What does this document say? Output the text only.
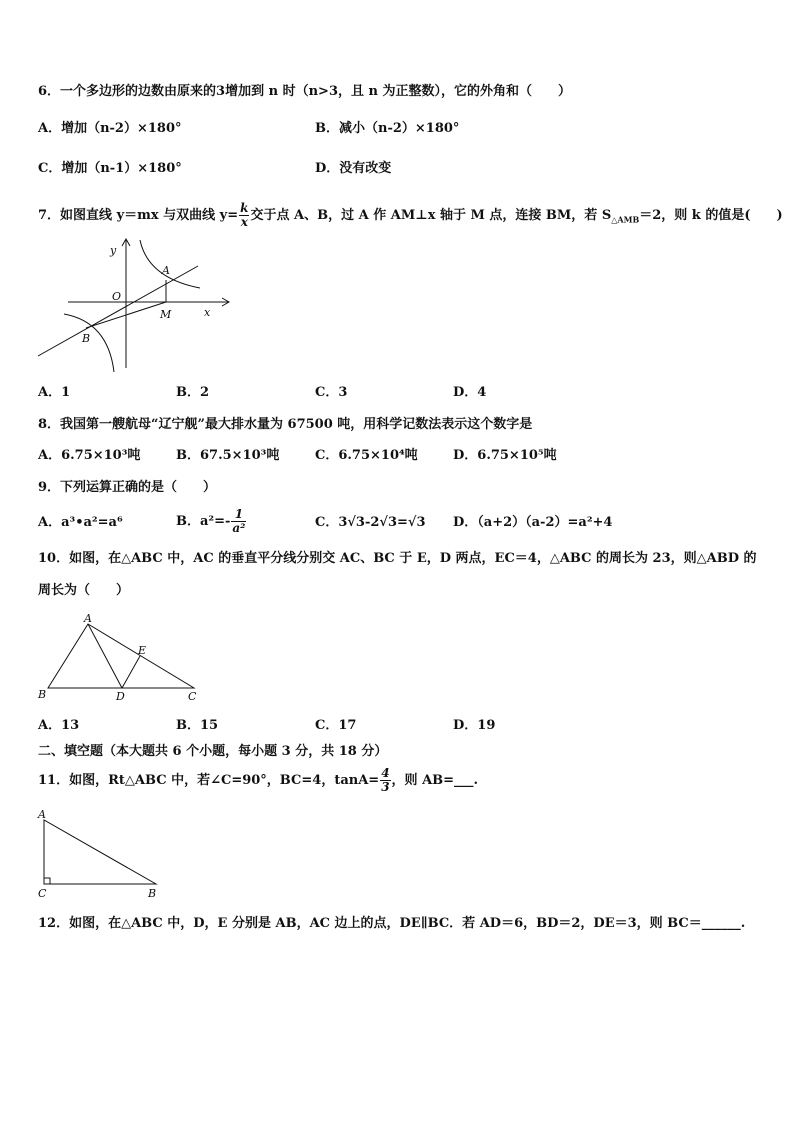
6．一个多边形的边数由原来的3增加到 n 时（n>3，且 n 为正整数），它的外角和（　　）
A．增加（n-2）×180°	B．减小（n-2）×180°
C．增加（n-1）×180°	D．没有改变
7．如图直线 y＝mx 与双曲线 $y= \frac{k}{x}$ 交于点 A、B，过 A 作 AM⊥x 轴于 M 点，连接 BM，若 $S_{\triangle AMB}=2$，则 k 的值是(　　)
y
x
O
A
B
M
A．1	B．2	C．3	D．4
8．我国第一艘航母“辽宁舰”最大排水量为 67500 吨，用科学记数法表示这个数字是
A．6.75×10³吨	B．67.5×10³吨	C．6.75×10⁴吨	D．6.75×10⁵吨
9．下列运算正确的是（　　）
A．a³•a²=a⁶	B．$a^2=- \frac{1}{\text{a²}}$	C．3√3-2√3=√3 D．（a+2）（a-2）=a²+4
10．如图，在△ABC 中，AC 的垂直平分线分别交 AC、BC 于 E，D 两点，EC＝4，△ABC 的周长为 23，则△ABD 的
周长为（　　）
A
B	C
D
E
A．13	B．15	C．17	D．19
二、填空题（本大题共 6 个小题，每小题 3 分，共 18 分）
11．如图，Rt△ABC 中，若∠C=90°，BC=4，$\tan A= \frac{4}{3}$ ，则 AB=___.
A
C	B
12．如图，在△ABC 中，D，E 分别是 AB，AC 边上的点，DE∥BC．若 AD＝6，BD＝2，DE＝3，则 BC＝______.
